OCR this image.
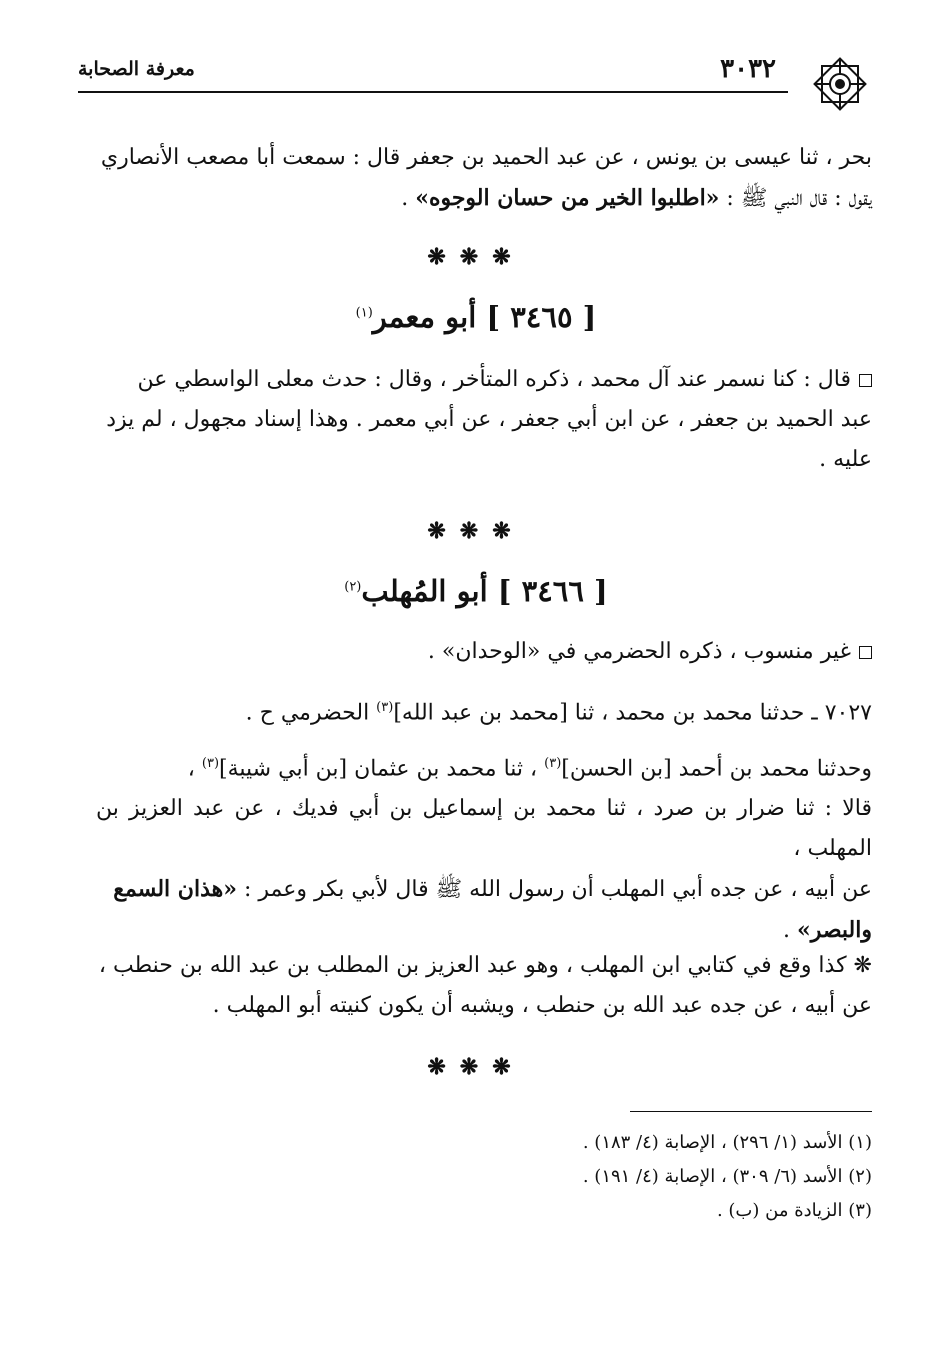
معرفة الصحابة	٣٠٣٢
بحر ، ثنا عيسى بن يونس ، عن عبد الحميد بن جعفر قال : سمعت أبا مصعب الأنصاري
يقول : قال النبي ﷺ : «اطلبوا الخير من حسان الوجوه» .
❋❋❋
[ ٣٤٦٥ ] أبو معمر$^{(١)}$
قال : كنا نسمر عند آل محمد ، ذكره المتأخر ، وقال : حدث معلى الواسطي عن
عبد الحميد بن جعفر ، عن ابن أبي جعفر ، عن أبي معمر . وهذا إسناد مجهول ، لم يزد
عليه .
❋❋❋
[ ٣٤٦٦ ] أبو المُهلب$^{(٢)}$
غير منسوب ، ذكره الحضرمي في «الوحدان» .
٧٠٢٧ ـ حدثنا محمد بن محمد ، ثنا [محمد بن عبد الله]$^{(٣)}$ الحضرمي ح .
وحدثنا محمد بن أحمد [بن الحسن]$^{(٣)}$ ، ثنا محمد بن عثمان [بن أبي شيبة]$^{(٣)}$ ،
قالا : ثنا ضرار بن صرد ، ثنا محمد بن إسماعيل بن أبي فديك ، عن عبد العزيز بن المهلب ،
عن أبيه ، عن جده أبي المهلب أن رسول الله ﷺ قال لأبي بكر وعمر : «هذان السمع
والبصر» .
❋ كذا وقع في كتابي ابن المهلب ، وهو عبد العزيز بن المطلب بن عبد الله بن حنطب ،
عن أبيه ، عن جده عبد الله بن حنطب ، ويشبه أن يكون كنيته أبو المهلب .
❋❋❋
(١) الأسد (١/ ٢٩٦) ، الإصابة (٤/ ١٨٣) .
(٢) الأسد (٦/ ٣٠٩) ، الإصابة (٤/ ١٩١) .
(٣) الزيادة من (ب) .
